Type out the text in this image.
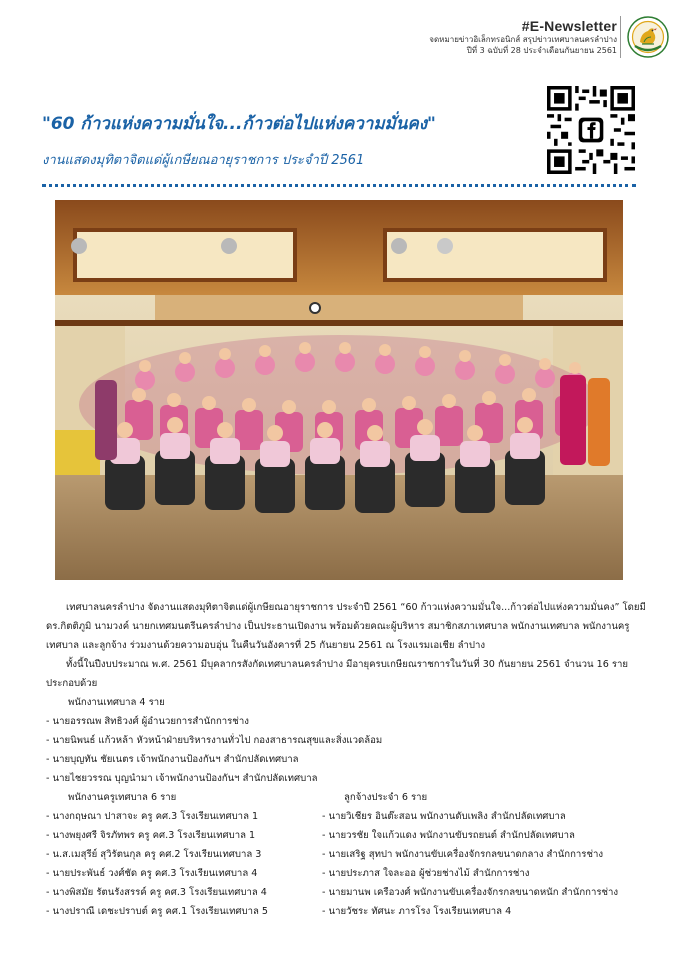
#E-Newsletter
จดหมายข่าวอิเล็กทรอนิกส์ สรุปข่าวเทศบาลนครลำปาง
ปีที่ 3 ฉบับที่ 28 ประจำเดือนกันยายน 2561
"60 ก้าวแห่งความมั่นใจ...ก้าวต่อไปแห่งความมั่นคง"
งานแสดงมุทิตาจิตแด่ผู้เกษียณอายุราชการ ประจำปี 2561

เทศบาลนครลำปาง จัดงานแสดงมุทิตาจิตแด่ผู้เกษียณอายุราชการ ประจำปี 2561 “60 ก้าวแห่งความมั่นใจ...ก้าวต่อไปแห่งความมั่นคง” โดยมี ดร.กิตติภูมิ นามวงค์ นายกเทศมนตรีนครลำปาง เป็นประธานเปิดงาน พร้อมด้วยคณะผู้บริหาร สมาชิกสภาเทศบาล พนักงานเทศบาล พนักงานครูเทศบาล และลูกจ้าง ร่วมงานด้วยความอบอุ่น ในคืนวันอังคารที่ 25 กันยายน 2561 ณ โรงแรมเอเชีย ลำปาง

ทั้งนี้ในปีงบประมาณ พ.ศ. 2561 มีบุคลากรสังกัดเทศบาลนครลำปาง มีอายุครบเกษียณราชการในวันที่ 30 กันยายน 2561 จำนวน 16 ราย ประกอบด้วย

พนักงานเทศบาล 4 ราย
- นายอรรณพ สิทธิวงศ์ ผู้อำนวยการสำนักการช่าง
- นายนิพนธ์ แก้วหล้า หัวหน้าฝ่ายบริหารงานทั่วไป กองสาธารณสุขและสิ่งแวดล้อม
- นายบุญทัน ชัยเนตร เจ้าพนักงานป้องกันฯ สำนักปลัดเทศบาล
- นายไชยวรรณ บุญนำมา เจ้าพนักงานป้องกันฯ สำนักปลัดเทศบาล
พนักงานครูเทศบาล 6 ราย
- นางกฤษณา ปาสาจะ ครู คศ.3 โรงเรียนเทศบาล 1
- นางพยุงศรี จิรภัทพร ครู คศ.3 โรงเรียนเทศบาล 1
- น.ส.เมสุรีย์ สุวิรัตนกุล ครู คศ.2 โรงเรียนเทศบาล 3
- นายประพันธ์ วงศ์ชัด ครู คศ.3 โรงเรียนเทศบาล 4
- นางพิสมัย รัตนรังสรรค์ ครู คศ.3 โรงเรียนเทศบาล 4
- นางปราณี เดชะปราบต์ ครู คศ.1 โรงเรียนเทศบาล 5
ลูกจ้างประจำ 6 ราย
- นายวิเชียร อินต๊ะสอน พนักงานดับเพลิง สำนักปลัดเทศบาล
- นายวรชัย ใจแก้วแดง พนักงานขับรถยนต์ สำนักปลัดเทศบาล
- นายเสริฐ สุทปา พนักงานขับเครื่องจักรกลขนาดกลาง สำนักการช่าง
- นายประภาส ใจละออ ผู้ช่วยช่างไม้ สำนักการช่าง
- นายมานพ เครือวงศ์ พนักงานขับเครื่องจักรกลขนาดหนัก สำนักการช่าง
- นายวัชระ ทัศนะ ภารโรง โรงเรียนเทศบาล 4
